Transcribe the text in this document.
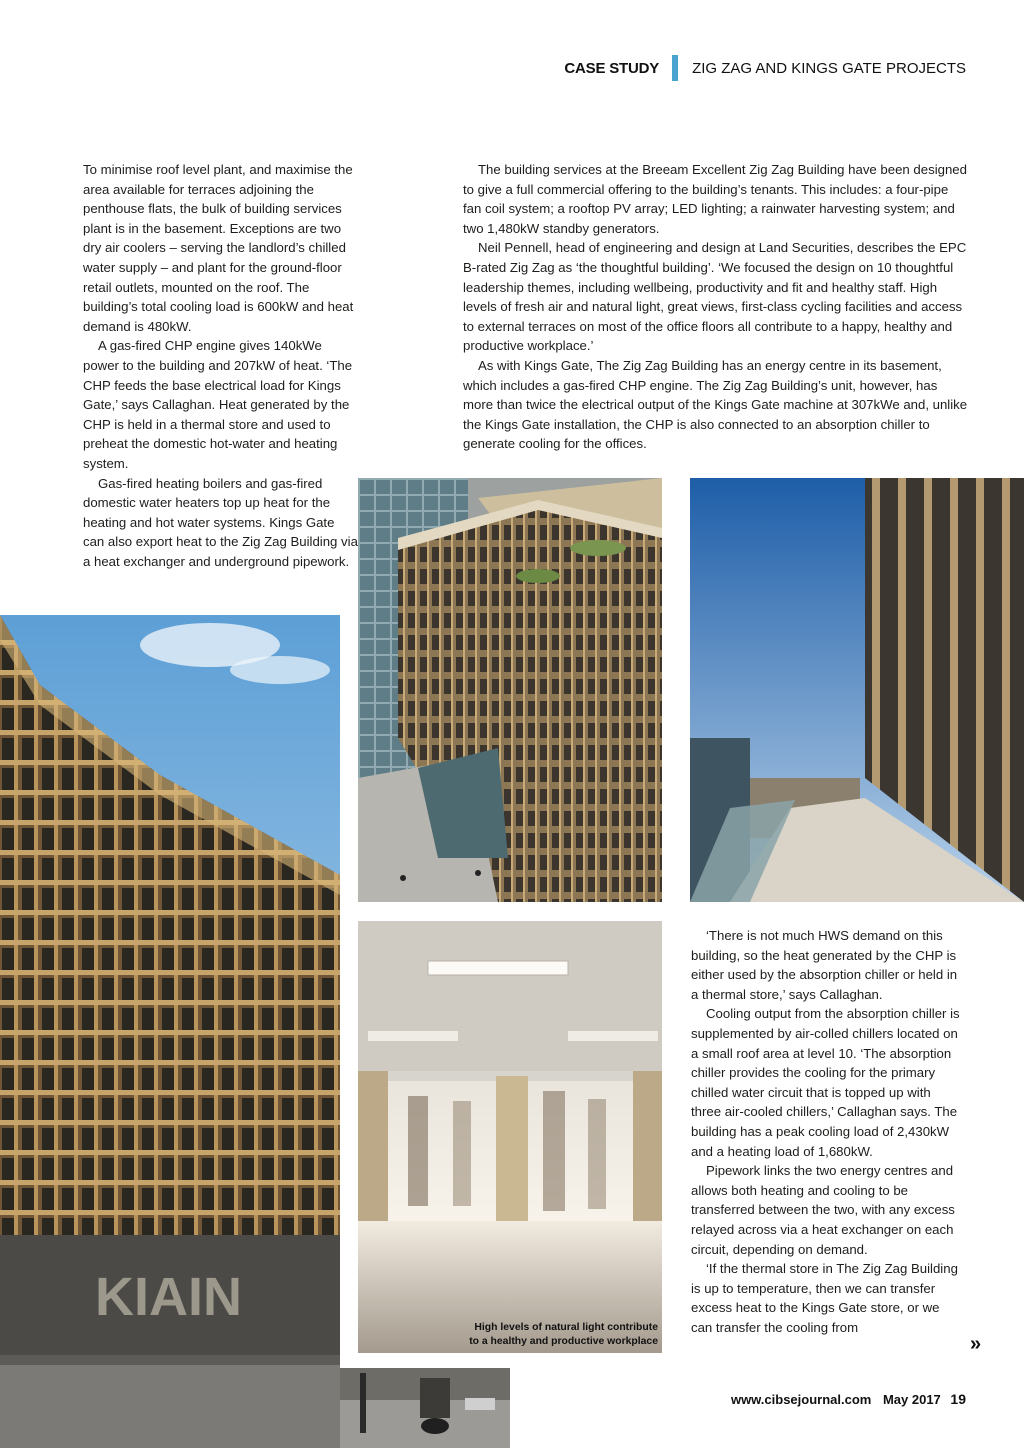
CASE STUDY ZIG ZAG AND KINGS GATE PROJECTS

To minimise roof level plant, and maximise the area available for terraces adjoining the penthouse flats, the bulk of building services plant is in the basement. Exceptions are two dry air coolers – serving the landlord’s chilled water supply – and plant for the ground-floor retail outlets, mounted on the roof. The building’s total cooling load is 600kW and heat demand is 480kW.

A gas-fired CHP engine gives 140kWe power to the building and 207kW of heat. ‘The CHP feeds the base electrical load for Kings Gate,’ says Callaghan. Heat generated by the CHP is held in a thermal store and used to preheat the domestic hot-water and heating system.

Gas-fired heating boilers and gas-fired domestic water heaters top up heat for the heating and hot water systems. Kings Gate can also export heat to the Zig Zag Building via a heat exchanger and underground pipework.

The building services at the Breeam Excellent Zig Zag Building have been designed to give a full commercial offering to the building’s tenants. This includes: a four-pipe fan coil system; a rooftop PV array; LED lighting; a rainwater harvesting system; and two 1,480kW standby generators.

Neil Pennell, head of engineering and design at Land Securities, describes the EPC B-rated Zig Zag as ‘the thoughtful building’. ‘We focused the design on 10 thoughtful leadership themes, including wellbeing, productivity and fit and healthy staff. High levels of fresh air and natural light, great views, first-class cycling facilities and access to external terraces on most of the office floors all contribute to a happy, healthy and productive workplace.’

As with Kings Gate, The Zig Zag Building has an energy centre in its basement, which includes a gas-fired CHP engine. The Zig Zag Building’s unit, however, has more than twice the electrical output of the Kings Gate machine at 307kWe and, unlike the Kings Gate installation, the CHP is also connected to an absorption chiller to generate cooling for the offices.

‘There is not much HWS demand on this building, so the heat generated by the CHP is either used by the absorption chiller or held in a thermal store,’ says Callaghan.

Cooling output from the absorption chiller is supplemented by air-colled chillers located on a small roof area at level 10. ‘The absorption chiller provides the cooling for the primary chilled water circuit that is topped up with three air-cooled chillers,’ Callaghan says. The building has a peak cooling load of 2,430kW and a heating load of 1,680kW.

Pipework links the two energy centres and allows both heating and cooling to be transferred between the two, with any excess relayed across via a heat exchanger on each circuit, depending on demand.

‘If the thermal store in The Zig Zag Building is up to temperature, then we can transfer excess heat to the Kings Gate store, or we can transfer the cooling from

KIAIN
High levels of natural light contribute
to a healthy and productive workplace	»
www.cibsejournal.com May 2017 19
